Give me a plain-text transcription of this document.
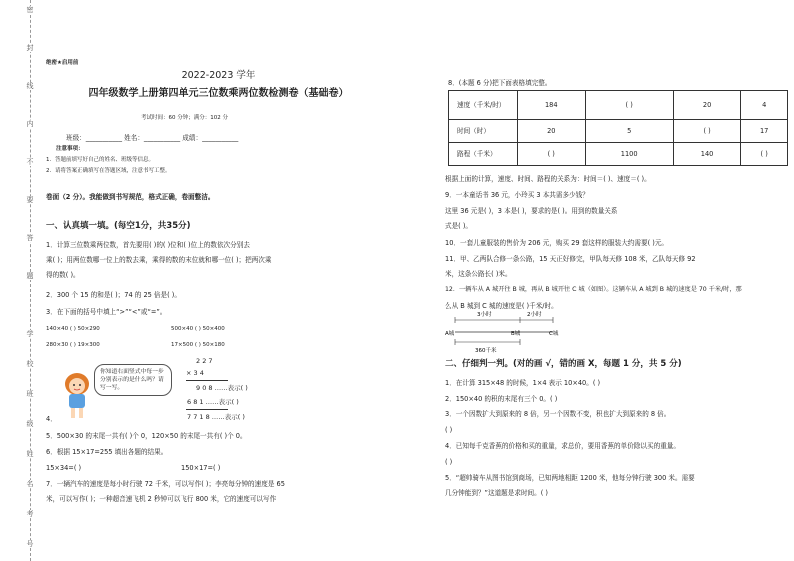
密
封
线
内
不
要
答
题
学
校
班
级
姓
名
考
号
绝密★启用前
2022-2023 学年
四年级数学上册第四单元三位数乘两位数检测卷（基础卷）
考试时间：60 分钟；满分：102 分
班级：___________ 姓名：___________ 成绩：___________
注意事项：
1．答题前填写好自己的姓名、班级等信息。
2．请将答案正确填写在答题区域，注意书写工整。
卷面（2 分）。我能做到书写规范，格式正确，卷面整洁。
一、认真填一填。(每空1分，共35分)
1．计算三位数乘两位数，首先要用( )的( )位和( )位上的数依次分别去
乘( )；用两位数哪一位上的数去乘，乘得的数的末位就和哪一位( )；把两次乘
得的数( )。
2．300 个 15 的和是( )；74 的 25 倍是( )。
3．在下面的括号中填上“>”“<”或“=”。
140×40 ( ) 50×290	500×40 ( ) 50×400
280×30 ( ) 19×300	17×500 ( ) 50×180
你知道右面竖式中每一步分别表示的是什么吗？请写一写。
2 2 7
× 3 4
9 0 8 ……表示( )
6 8 1 ……表示( )
7 7 1 8 ……表示( )
4．
5．500×30 的末尾一共有( )个 0，120×50 的末尾一共有( )个 0。
6．根据 15×17=255 填出各题的结果。
15×34=( )	150×17=( )
7．一辆汽车的速度是每小时行驶 72 千米，可以写作( )；李亮每分钟的速度是 65
米，可以写作( )；一种超音速飞机 2 秒钟可以飞行 800 米，它的速度可以写作
8．(本题 6 分)把下面表格填完整。
速度（千米/时）	184	( )	20	4
时间（时）	20	5	( )	17
路程（千米）	( )	1100	140	( )
根据上面的计算，速度、时间、路程的关系为：时间＝( )、速度＝( )。
9．一本童话书 36 元，小玲买 3 本共需多少钱？
这里 36 元是( )，3 本是( )，要求的是( )。用到的数量关系
式是( )。
10．一套儿童服装的售价为 206 元，购买 29 套这样的服装大约需要( )元。
11．甲、乙两队合修一条公路，15 天正好修完，甲队每天修 108 米，乙队每天修 92
米，这条公路长( )米。
12．一辆车从 A 城开往 B 城，再从 B 城开往 C 城（如图）。这辆车从 A 城到 B 城的速度是 70 千米/时，那
么从 B 城到 C 城的速度是( )千米/时。
3小时	2小时
A城	B城	C城
360千米
二、仔细判一判。(对的画 √，错的画 X，每题 1 分，共 5 分)
1．在计算 315×48 的时候，1×4 表示 10×40。( )
2．150×40 的积的末尾有三个 0。( )
3．一个因数扩大到原来的 8 倍，另一个因数不变，积也扩大到原来的 8 倍。
( )
4．已知每千克香蕉的价格和买的重量，求总价，要用香蕉的单价除以买的重量。
( )
5．“超帅骑车从图书馆到商场，已知两地相距 1200 米，他每分钟行驶 300 米。需要
几分钟能到？”这道题是求时间。( )
